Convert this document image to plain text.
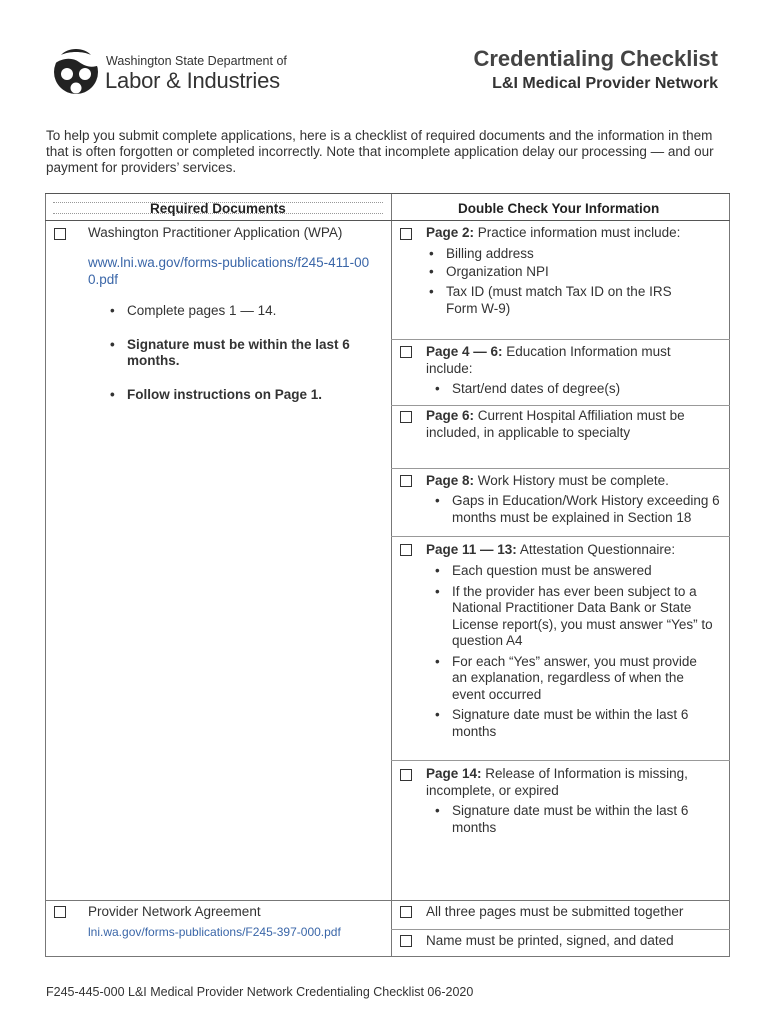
Washington State Department of
Labor & Industries
Credentialing Checklist
L&I Medical Provider Network
To help you submit complete applications, here is a checklist of required documents and the information in them that is often forgotten or completed incorrectly. Note that incomplete application delay our processing — and our payment for providers’ services.
Required Documents	Double Check Your Information
Washington Practitioner Application (WPA)
www.lni.wa.gov/forms-publications/f245-411-000.pdf
• Complete pages 1 — 14.
• Signature must be within the last 6 months.
• Follow instructions on Page 1.
Page 2: Practice information must include:
• Billing address
• Organization NPI
• Tax ID (must match Tax ID on the IRS Form W-9)
Page 4 — 6: Education Information must include:
• Start/end dates of degree(s)
Page 6: Current Hospital Affiliation must be included, in applicable to specialty
Page 8: Work History must be complete.
• Gaps in Education/Work History exceeding 6 months must be explained in Section 18
Page 11 — 13: Attestation Questionnaire:
• Each question must be answered
• If the provider has ever been subject to a National Practitioner Data Bank or State License report(s), you must answer “Yes” to question A4
• For each “Yes” answer, you must provide an explanation, regardless of when the event occurred
• Signature date must be within the last 6 months
Page 14: Release of Information is missing, incomplete, or expired
• Signature date must be within the last 6 months
Provider Network Agreement
lni.wa.gov/forms-publications/F245-397-000.pdf
All three pages must be submitted together
Name must be printed, signed, and dated
F245-445-000 L&I Medical Provider Network Credentialing Checklist 06-2020
